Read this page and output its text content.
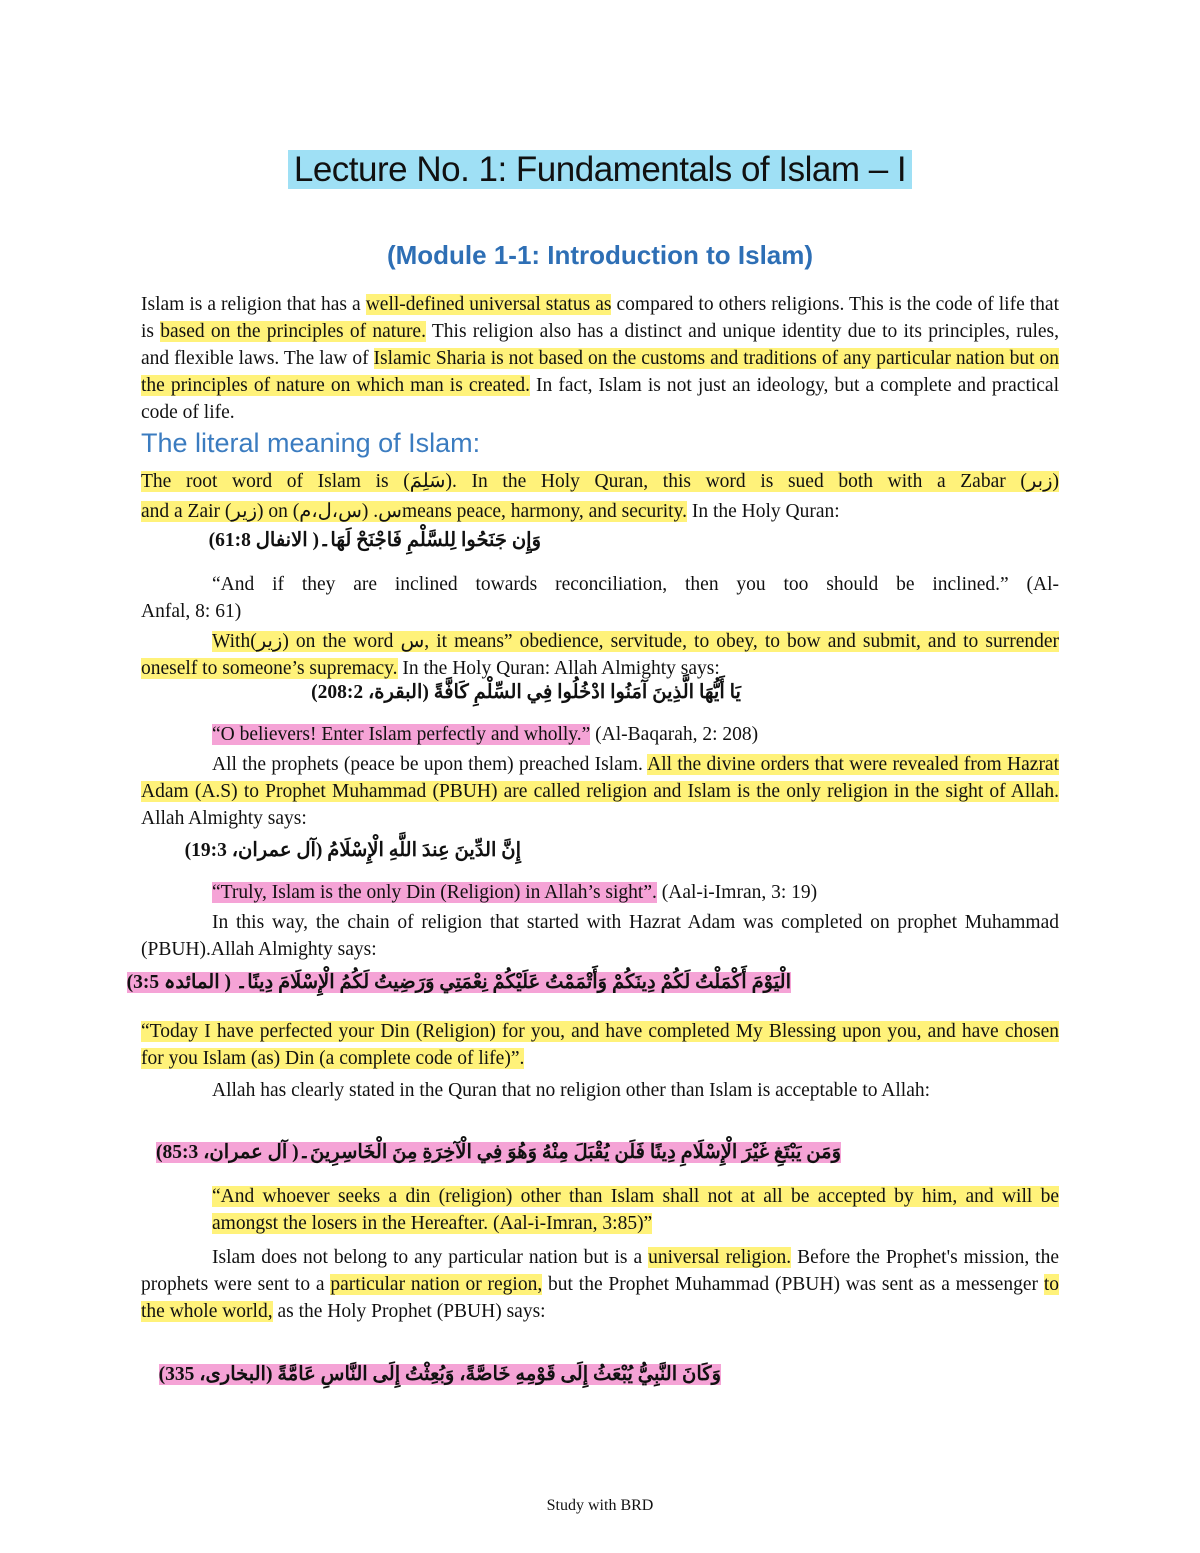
Lecture No. 1: Fundamentals of Islam – I
(Module 1-1: Introduction to Islam)
Islam is a religion that has a well-defined universal status as compared to others religions. This is the code of life that is based on the principles of nature. This religion also has a distinct and unique identity due to its principles, rules, and flexible laws. The law of Islamic Sharia is not based on the customs and traditions of any particular nation but on the principles of nature on which man is created. In fact, Islam is not just an ideology, but a complete and practical code of life.
The literal meaning of Islam:
The root word of Islam is (سَلِمَ). In the Holy Quran, this word is sued both with a Zabar (زبر)
and a Zair (زیر) on س. (س،ل،م)means peace, harmony, and security. In the Holy Quran:
وَإِن جَنَحُوا لِلسَّلْمِ فَاجْنَحْ لَهَا۔( الانفال 61:8)
“And if they are inclined towards reconciliation, then you too should be inclined.” (Al-
Anfal, 8: 61)
With(زیر) on the word س, it means” obedience, servitude, to obey, to bow and submit, and to surrender oneself to someone’s supremacy. In the Holy Quran: Allah Almighty says:
يَا أَيُّهَا الَّذِينَ آمَنُوا ادْخُلُوا فِي السِّلْمِ كَافَّةً (البقرة، 208:2)
“O believers! Enter Islam perfectly and wholly.” (Al-Baqarah, 2: 208)
All the prophets (peace be upon them) preached Islam. All the divine orders that were revealed from Hazrat Adam (A.S) to Prophet Muhammad (PBUH) are called religion and Islam is the only religion in the sight of Allah. Allah Almighty says:
إِنَّ الدِّينَ عِندَ اللَّهِ الْإِسْلَامُ (آل عمران، 19:3)
“Truly, Islam is the only Din (Religion) in Allah’s sight”. (Aal-i-Imran, 3: 19)
In this way, the chain of religion that started with Hazrat Adam was completed on prophet Muhammad (PBUH).Allah Almighty says:
الْيَوْمَ أَكْمَلْتُ لَكُمْ دِينَكُمْ وَأَتْمَمْتُ عَلَيْكُمْ نِعْمَتِي وَرَضِيتُ لَكُمُ الْإِسْلَامَ دِينًا۔ ( المائدہ 3:5)
“Today I have perfected your Din (Religion) for you, and have completed My Blessing upon you, and have chosen for you Islam (as) Din (a complete code of life)”.
Allah has clearly stated in the Quran that no religion other than Islam is acceptable to Allah:
وَمَن يَبْتَغِ غَيْرَ الْإِسْلَامِ دِينًا فَلَن يُقْبَلَ مِنْهُ وَهُوَ فِي الْآخِرَةِ مِنَ الْخَاسِرِينَ۔( آل عمران، 85:3)
“And whoever seeks a din (religion) other than Islam shall not at all be accepted by him, and will be amongst the losers in the Hereafter. (Aal-i-Imran, 3:85)”
Islam does not belong to any particular nation but is a universal religion. Before the Prophet's mission, the prophets were sent to a particular nation or region, but the Prophet Muhammad (PBUH) was sent as a messenger to the whole world, as the Holy Prophet (PBUH) says:
وَكَانَ النَّبِيُّ يُبْعَثُ إِلَى قَوْمِهِ خَاصَّةً، وَبُعِثْتُ إِلَى النَّاسِ عَامَّةً (البخاری، 335)
Study with BRD
